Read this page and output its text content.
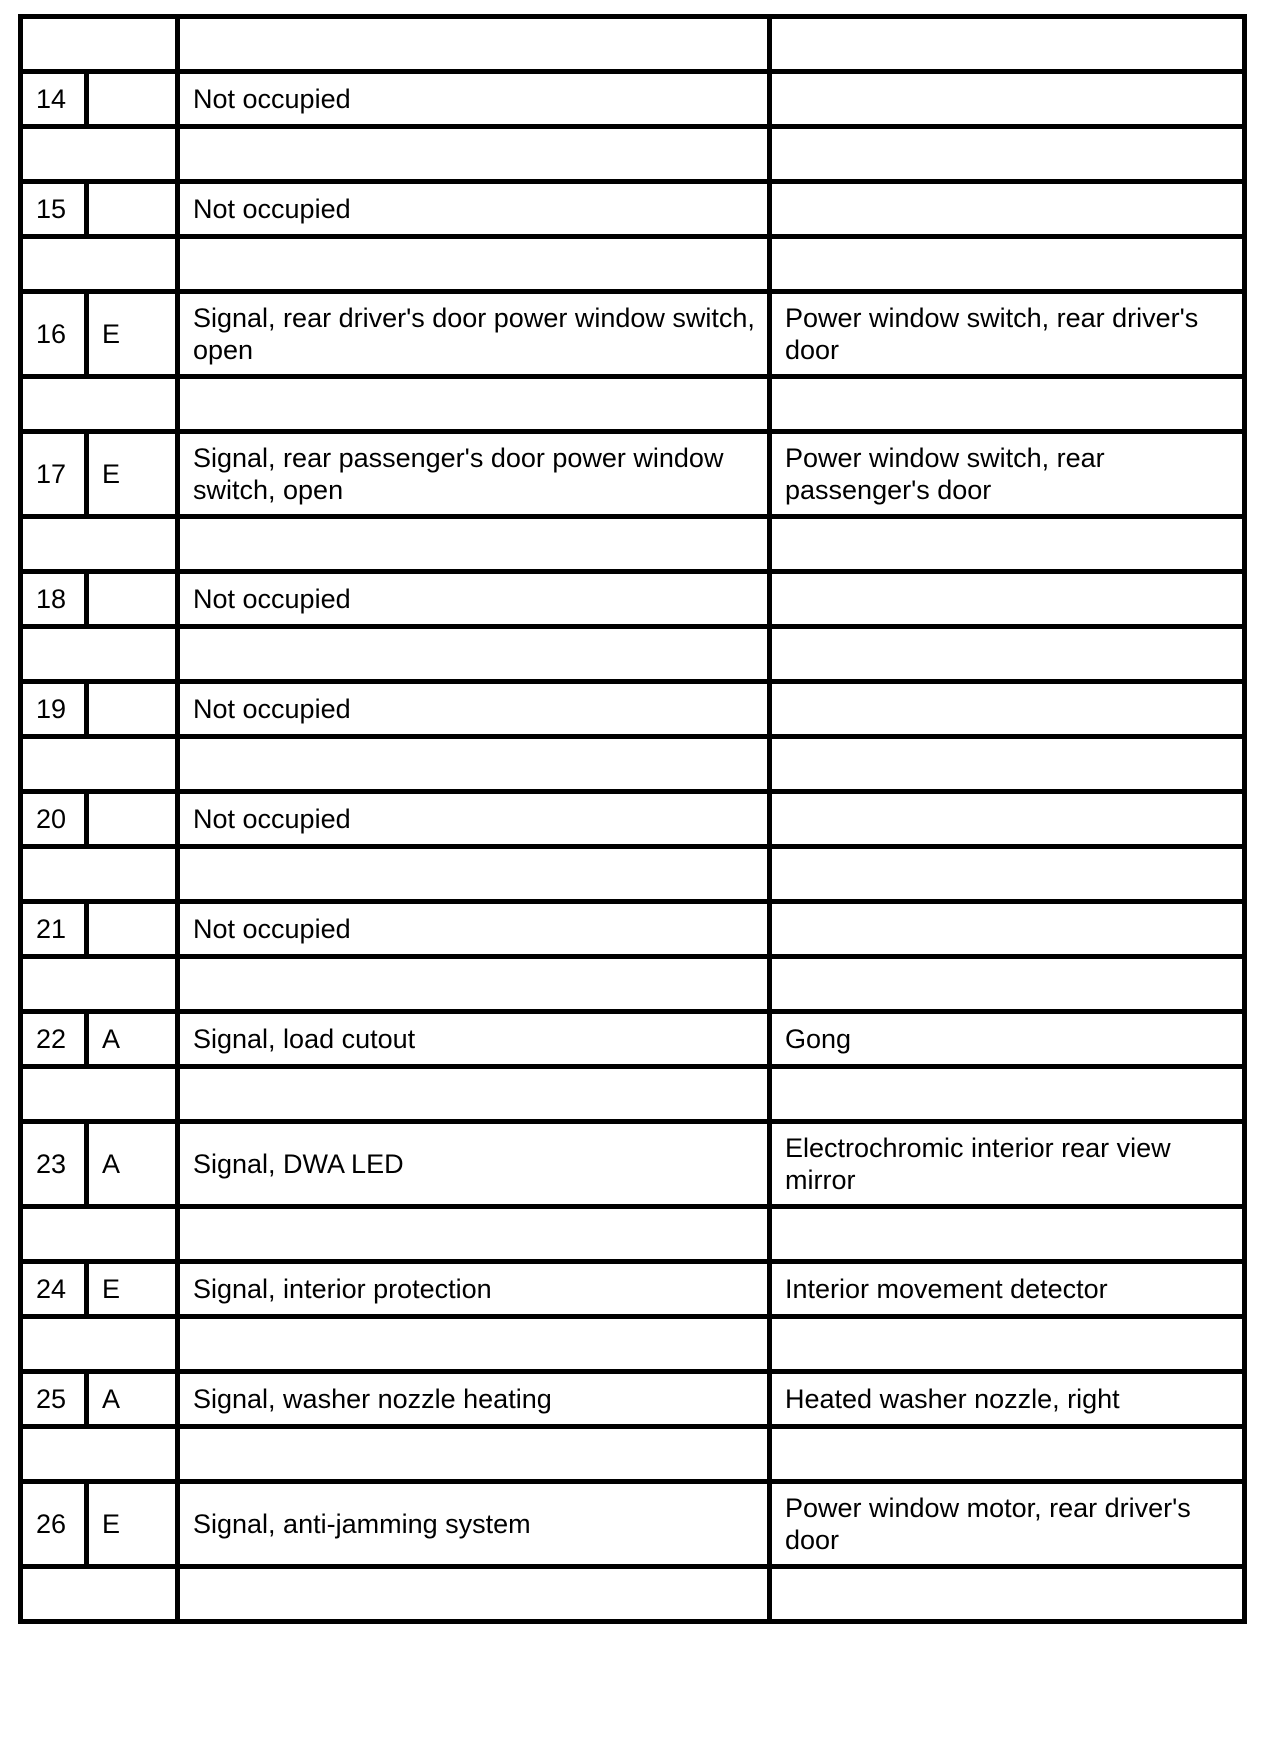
14		Not occupied	

15		Not occupied	

16	E	Signal, rear driver's door power window switch, open	Power window switch, rear driver's door

17	E	Signal, rear passenger's door power window switch, open	Power window switch, rear passenger's door

18		Not occupied	

19		Not occupied	

20		Not occupied	

21		Not occupied	

22	A	Signal, load cutout	Gong

23	A	Signal, DWA LED	Electrochromic interior rear view mirror

24	E	Signal, interior protection	Interior movement detector

25	A	Signal, washer nozzle heating	Heated washer nozzle, right

26	E	Signal, anti-jamming system	Power window motor, rear driver's door
